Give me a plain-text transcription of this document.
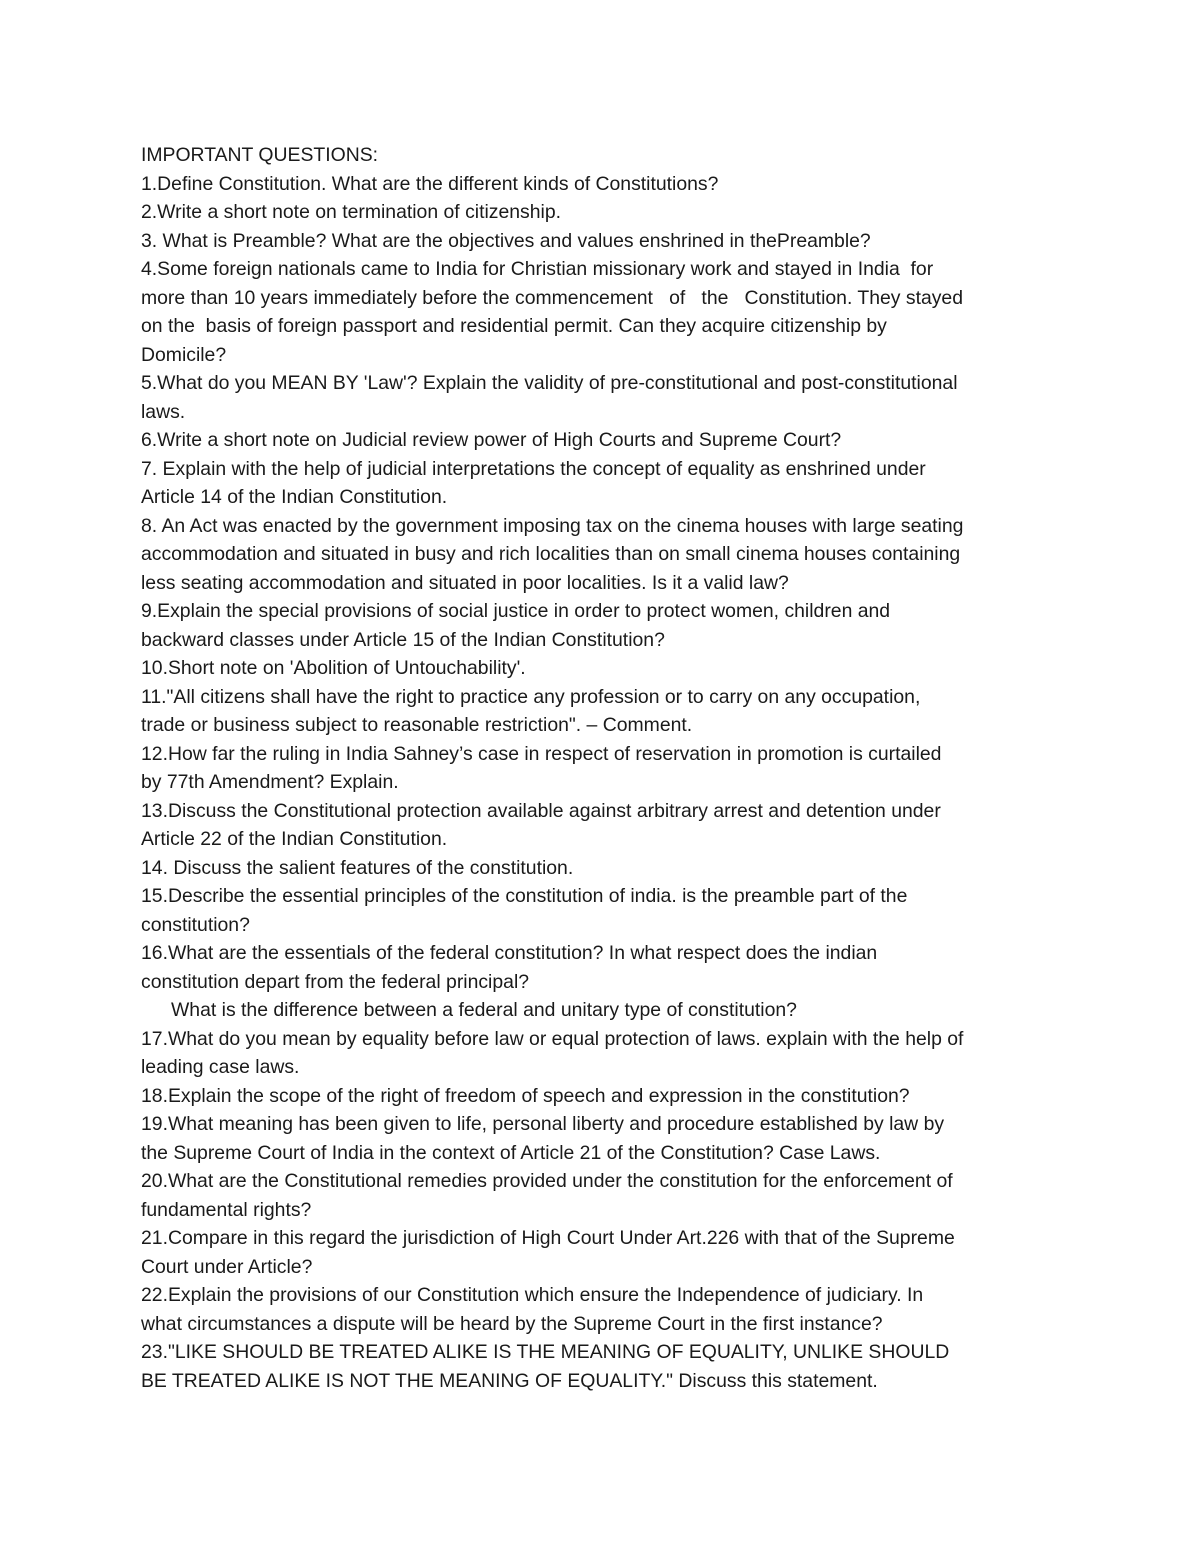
IMPORTANT QUESTIONS:
1.Define Constitution. What are the different kinds of Constitutions?
2.Write a short note on termination of citizenship.
3. What is Preamble? What are the objectives and values enshrined in thePreamble?
4.Some foreign nationals came to India for Christian missionary work and stayed in India  for
more than 10 years immediately before the commencement   of   the   Constitution. They stayed
on the  basis of foreign passport and residential permit. Can they acquire citizenship by
Domicile?
5.What do you MEAN BY 'Law'? Explain the validity of pre-constitutional and post-constitutional
laws.
6.Write a short note on Judicial review power of High Courts and Supreme Court?
7. Explain with the help of judicial interpretations the concept of equality as enshrined under
Article 14 of the Indian Constitution.
8. An Act was enacted by the government imposing tax on the cinema houses with large seating
accommodation and situated in busy and rich localities than on small cinema houses containing
less seating accommodation and situated in poor localities. Is it a valid law?
9.Explain the special provisions of social justice in order to protect women, children and
backward classes under Article 15 of the Indian Constitution?
10.Short note on 'Abolition of Untouchability'.
11."All citizens shall have the right to practice any profession or to carry on any occupation,
trade or business subject to reasonable restriction". – Comment.
12.How far the ruling in India Sahney’s case in respect of reservation in promotion is curtailed
by 77th Amendment? Explain.
13.Discuss the Constitutional protection available against arbitrary arrest and detention under
Article 22 of the Indian Constitution.
14. Discuss the salient features of the constitution.
15.Describe the essential principles of the constitution of india. is the preamble part of the
constitution?
16.What are the essentials of the federal constitution? In what respect does the indian
constitution depart from the federal principal?
What is the difference between a federal and unitary type of constitution?
17.What do you mean by equality before law or equal protection of laws. explain with the help of
leading case laws.
18.Explain the scope of the right of freedom of speech and expression in the constitution?
19.What meaning has been given to life, personal liberty and procedure established by law by
the Supreme Court of India in the context of Article 21 of the Constitution? Case Laws.
20.What are the Constitutional remedies provided under the constitution for the enforcement of
fundamental rights?
21.Compare in this regard the jurisdiction of High Court Under Art.226 with that of the Supreme
Court under Article?
22.Explain the provisions of our Constitution which ensure the Independence of judiciary. In
what circumstances a dispute will be heard by the Supreme Court in the first instance?
23."LIKE SHOULD BE TREATED ALIKE IS THE MEANING OF EQUALITY, UNLIKE SHOULD
BE TREATED ALIKE IS NOT THE MEANING OF EQUALITY." Discuss this statement.
